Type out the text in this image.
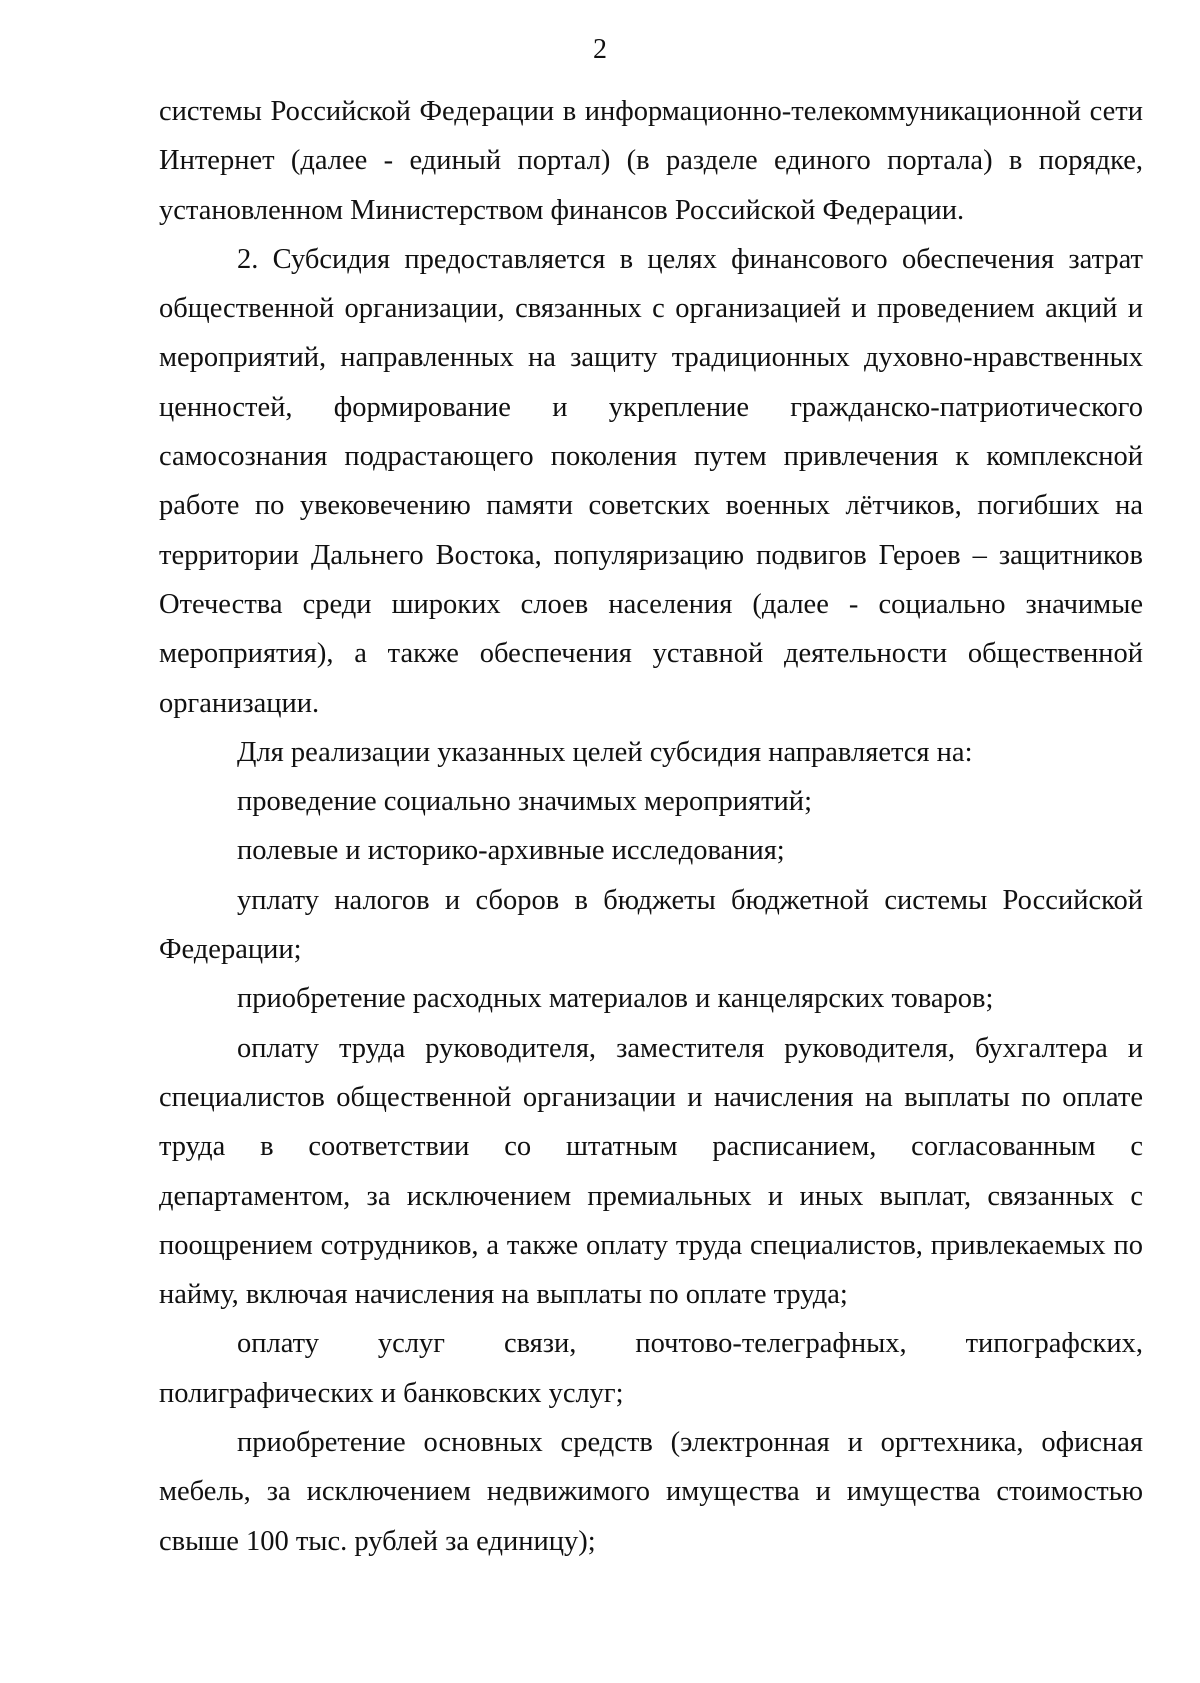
2

системы Российской Федерации в информационно-телекоммуникационной сети Интернет (далее - единый портал) (в разделе единого портала) в порядке, установленном Министерством финансов Российской Федерации.

2. Субсидия предоставляется в целях финансового обеспечения затрат общественной организации, связанных с организацией и проведением акций и мероприятий, направленных на защиту традиционных духовно-нравственных ценностей, формирование и укрепление гражданско-патриотического самосознания подрастающего поколения путем привлечения к комплексной работе по увековечению памяти советских военных лётчиков, погибших на территории Дальнего Востока, популяризацию подвигов Героев – защитников Отечества среди широких слоев населения (далее - социально значимые мероприятия), а также обеспечения уставной деятельности общественной организации.

Для реализации указанных целей субсидия направляется на:

проведение социально значимых мероприятий;

полевые и историко-архивные исследования;

уплату налогов и сборов в бюджеты бюджетной системы Российской Федерации;

приобретение расходных материалов и канцелярских товаров;

оплату труда руководителя, заместителя руководителя, бухгалтера и специалистов общественной организации и начисления на выплаты по оплате труда в соответствии со штатным расписанием, согласованным с департаментом, за исключением премиальных и иных выплат, связанных с поощрением сотрудников, а также оплату труда специалистов, привлекаемых по найму, включая начисления на выплаты по оплате труда;

оплату услуг связи, почтово-телеграфных, типографских, полиграфических и банковских услуг;

приобретение основных средств (электронная и оргтехника, офисная мебель, за исключением недвижимого имущества и имущества стоимостью свыше 100 тыс. рублей за единицу);
